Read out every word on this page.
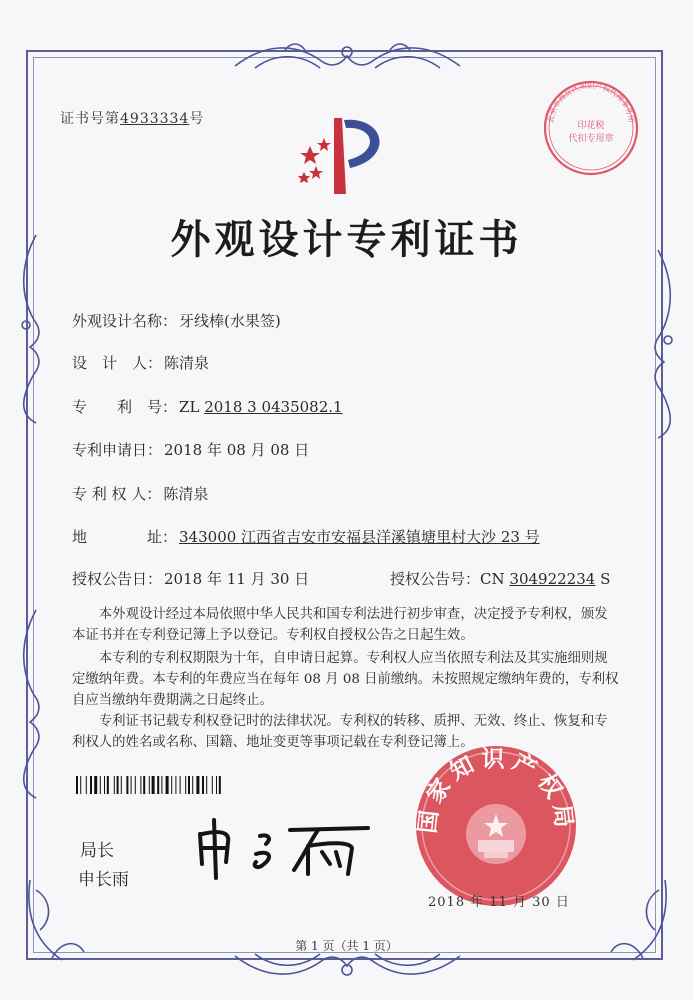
证书号第4933334号
外观设计专利证书
外观设计名称： 牙线棒(水果签)
设　计　人： 陈清泉
专　　利　号： ZL 2018 3 0435082.1
专利申请日： 2018 年 08 月 08 日
专 利 权 人： 陈清泉
地　　　　址： 343000 江西省吉安市安福县洋溪镇塘里村大沙 23 号
授权公告日： 2018 年 11 月 30 日	授权公告号：CN 304922234 S
　　本外观设计经过本局依照中华人民共和国专利法进行初步审查，决定授予专利权，颁发
本证书并在专利登记簿上予以登记。专利权自授权公告之日起生效。
　　本专利的专利权期限为十年，自申请日起算。专利权人应当依照专利法及其实施细则规
定缴纳年费。本专利的年费应当在每年 08 月 08 日前缴纳。未按照规定缴纳年费的，专利权
自应当缴纳年费期满之日起终止。
　　专利证书记载专利权登记时的法律状况。专利权的转移、质押、无效、终止、恢复和专
利权人的姓名或名称、国籍、地址变更等事项记载在专利登记簿上。
局长
申长雨
国家知识产权局
2018 年 11 月 30 日
北京市海淀区知识产权代理事务所
印花税
代扣专用章
第 1 页（共 1 页）
